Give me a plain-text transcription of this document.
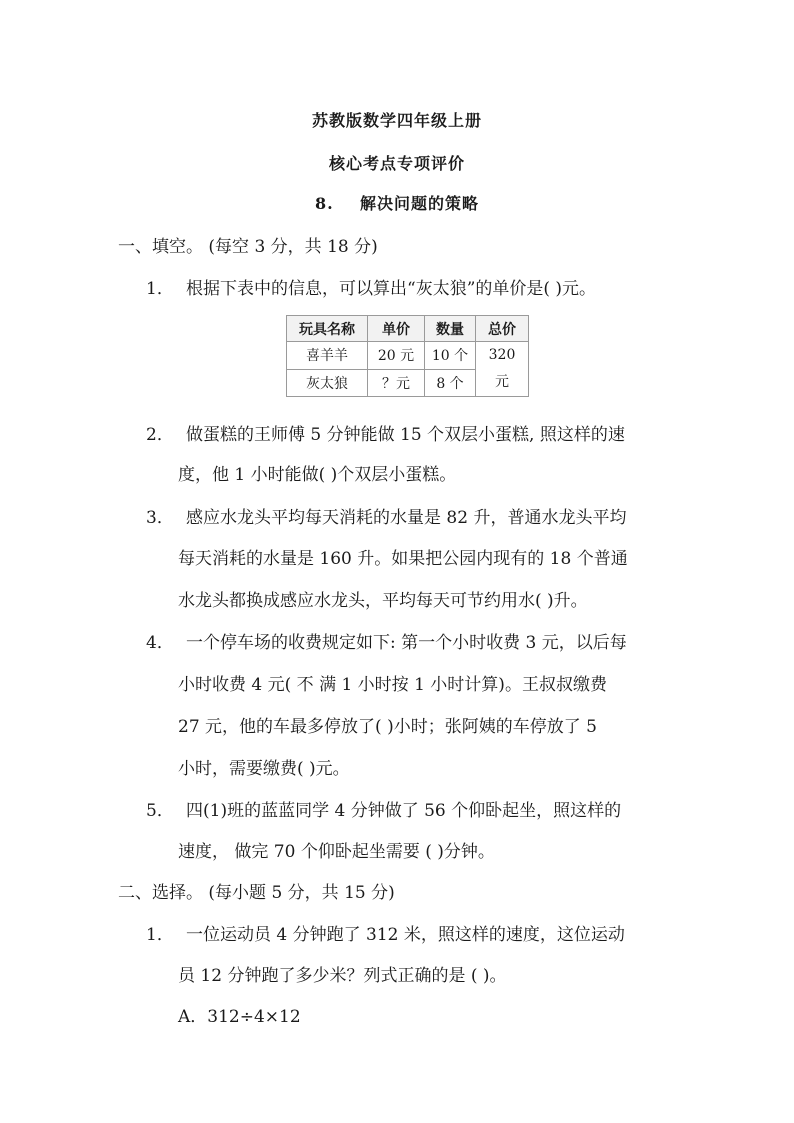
苏教版数学四年级上册
核心考点专项评价
8. 解决问题的策略
一、填空。 (每空 3 分，共 18 分)
1． 根据下表中的信息，可以算出“灰太狼”的单价是( )元。
玩具名称	单价	数量	总价
喜羊羊	20 元	10 个	320
元
灰太狼	？元	8 个	
2． 做蛋糕的王师傅 5 分钟能做 15 个双层小蛋糕, 照这样的速
度，他 1 小时能做( )个双层小蛋糕。
3． 感应水龙头平均每天消耗的水量是 82 升，普通水龙头平均
每天消耗的水量是 160 升。如果把公园内现有的 18 个普通
水龙头都换成感应水龙头，平均每天可节约用水( )升。
4． 一个停车场的收费规定如下: 第一个小时收费 3 元，以后每
小时收费 4 元( 不 满 1 小时按 1 小时计算)。王叔叔缴费
27 元，他的车最多停放了( )小时；张阿姨的车停放了 5
小时，需要缴费( )元。
5． 四(1)班的蓝蓝同学 4 分钟做了 56 个仰卧起坐，照这样的
速度， 做完 70 个仰卧起坐需要 ( )分钟。
二、选择。 (每小题 5 分，共 15 分)
1． 一位运动员 4 分钟跑了 312 米，照这样的速度，这位运动
员 12 分钟跑了多少米？列式正确的是 ( )。
A．312÷4×12
